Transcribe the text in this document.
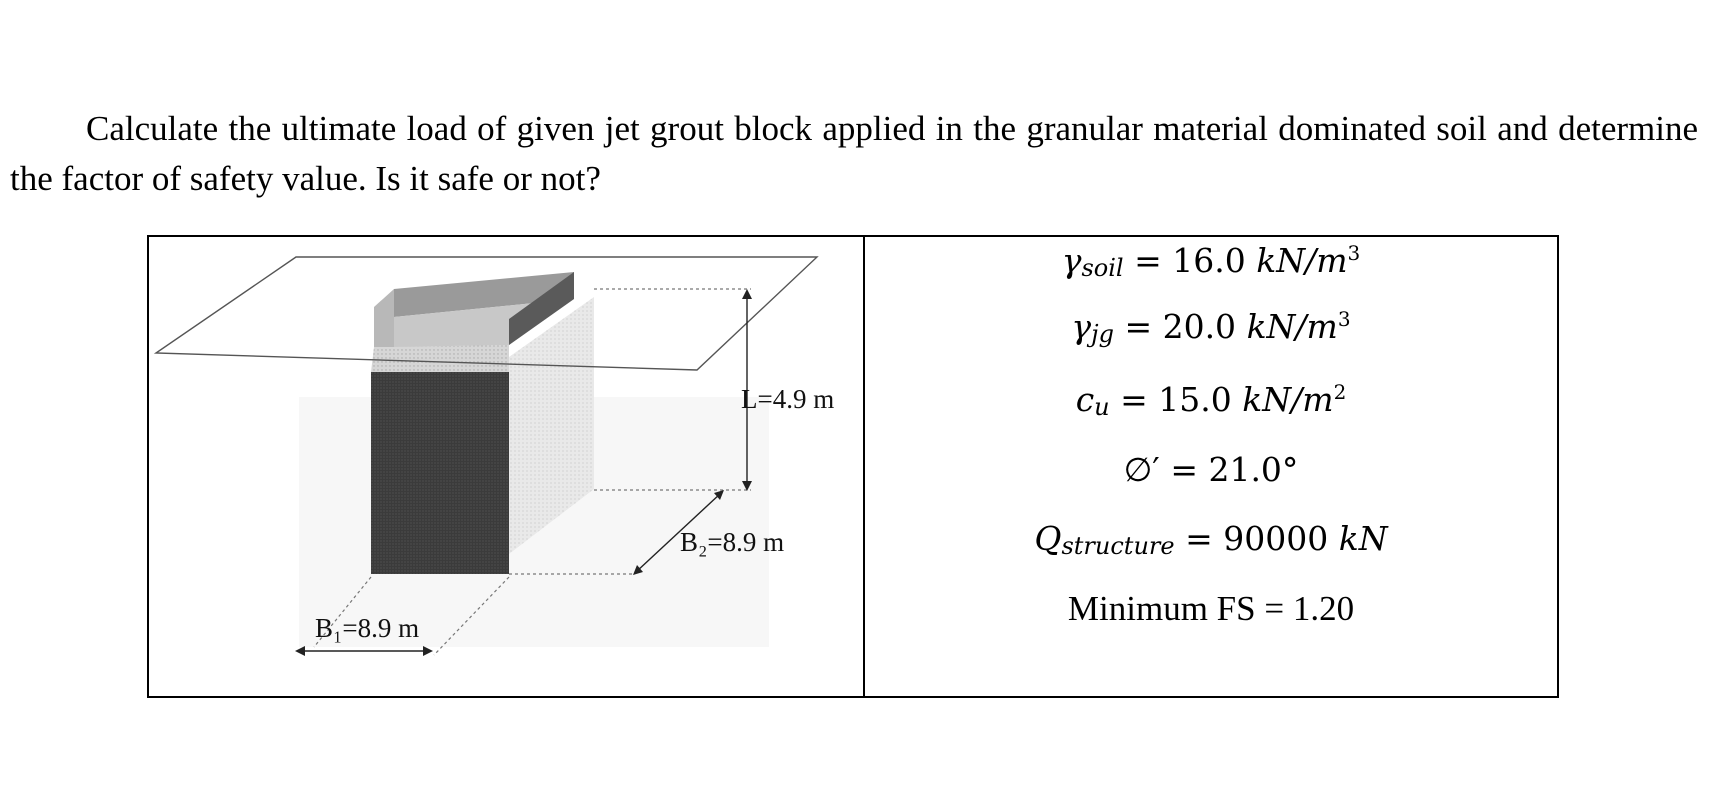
Calculate the ultimate load of given jet grout block applied in the granular material dominated soil and determine the factor of safety value. Is it safe or not?

L=4.9 m
B₂=8.9 m
B₁=8.9 m
$\gamma_{soil} = 16.0$ $kN/m^3$
$\gamma_{jg} = 20.0$ $kN/m^3$
$c_u = 15.0$ $kN/m^2$
∅′ = 21.0°
$Q_{structure} = 90000$ kN
Minimum FS = 1.20
